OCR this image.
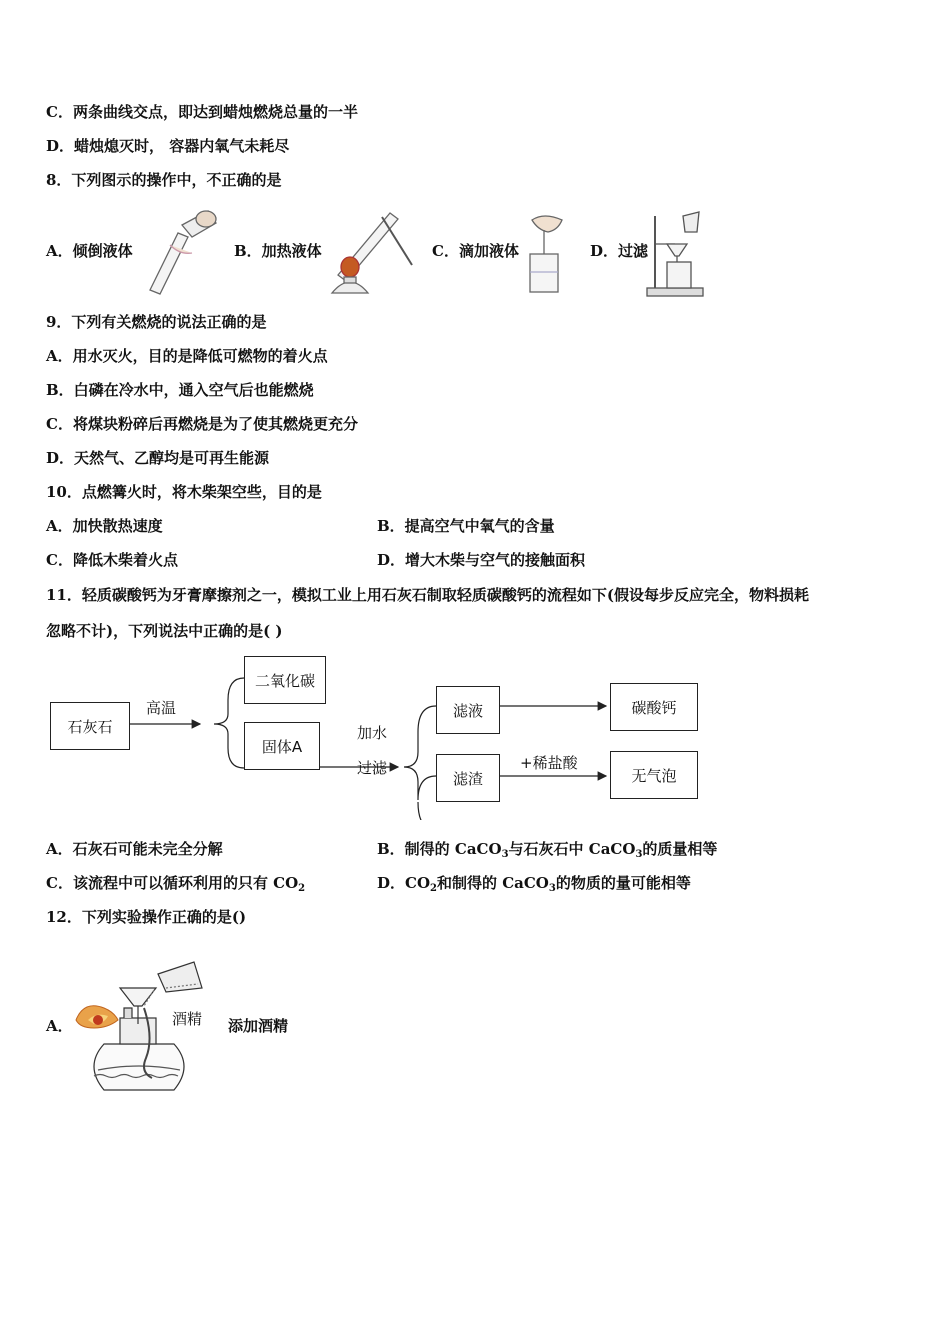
C．两条曲线交点，即达到蜡烛燃烧总量的一半
D．蜡烛熄灭时， 容器内氧气未耗尽
8．下列图示的操作中，不正确的是
A．倾倒液体	B．加热液体	C．滴加液体	D．过滤
9．下列有关燃烧的说法正确的是
A．用水灭火，目的是降低可燃物的着火点
B．白磷在冷水中，通入空气后也能燃烧
C．将煤块粉碎后再燃烧是为了使其燃烧更充分
D．天然气、乙醇均是可再生能源
10．点燃篝火时，将木柴架空些，目的是
A．加快散热速度	B．提高空气中氧气的含量
C．降低木柴着火点	D．增大木柴与空气的接触面积
11．轻质碳酸钙为牙膏摩擦剂之一，模拟工业上用石灰石制取轻质碳酸钙的流程如下(假设每步反应完全，物料损耗
忽略不计)，下列说法中正确的是( )
石灰石
高温
二氧化碳
固体A
加水
过滤
滤液	碳酸钙
滤渣
+稀盐酸
无气泡
A．石灰石可能未完全分解	B．制得的 CaCO$_3$与石灰石中 CaCO$_3$的质量相等
C．该流程中可以循环利用的只有 $CO_2$	D．$CO_2$和制得的 CaCO$_3$的物质的量可能相等
12．下列实验操作正确的是()
A．	酒精 添加酒精
